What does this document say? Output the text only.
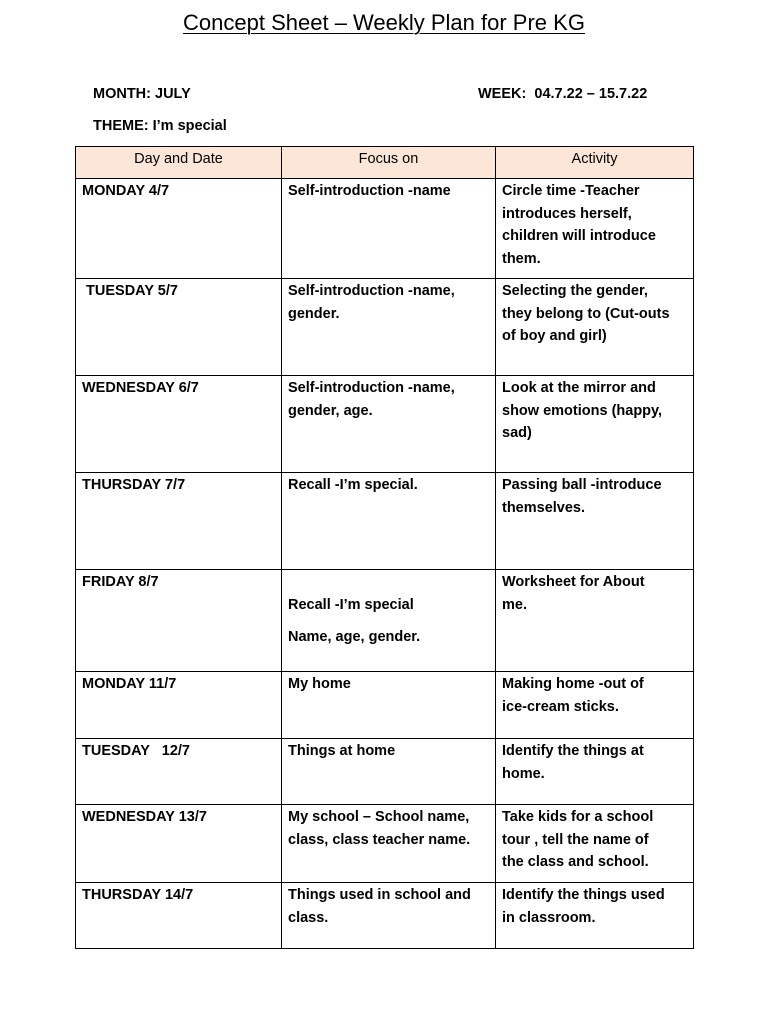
Concept Sheet – Weekly Plan for Pre KG
MONTH: JULY	WEEK:  04.7.22 – 15.7.22
THEME: I’m special
Day and Date	Focus on	Activity
MONDAY 4/7	Self-introduction -name	Circle time -Teacher
introduces herself,
children will introduce
them.
TUESDAY 5/7	Self-introduction -name,
gender.	Selecting the gender,
they belong to (Cut-outs
of boy and girl)
WEDNESDAY 6/7	Self-introduction -name,
gender, age.	Look at the mirror and
show emotions (happy,
sad)
THURSDAY 7/7	Recall -I’m special.	Passing ball -introduce
themselves.
FRIDAY 8/7	Recall -I’m special

Name, age, gender.	Worksheet for About
me.
MONDAY 11/7	My home	Making home -out of
ice-cream sticks.
TUESDAY   12/7	Things at home	Identify the things at
home.
WEDNESDAY 13/7	My school – School name,
class, class teacher name.	Take kids for a school
tour , tell the name of
the class and school.
THURSDAY 14/7	Things used in school and
class.	Identify the things used
in classroom.
